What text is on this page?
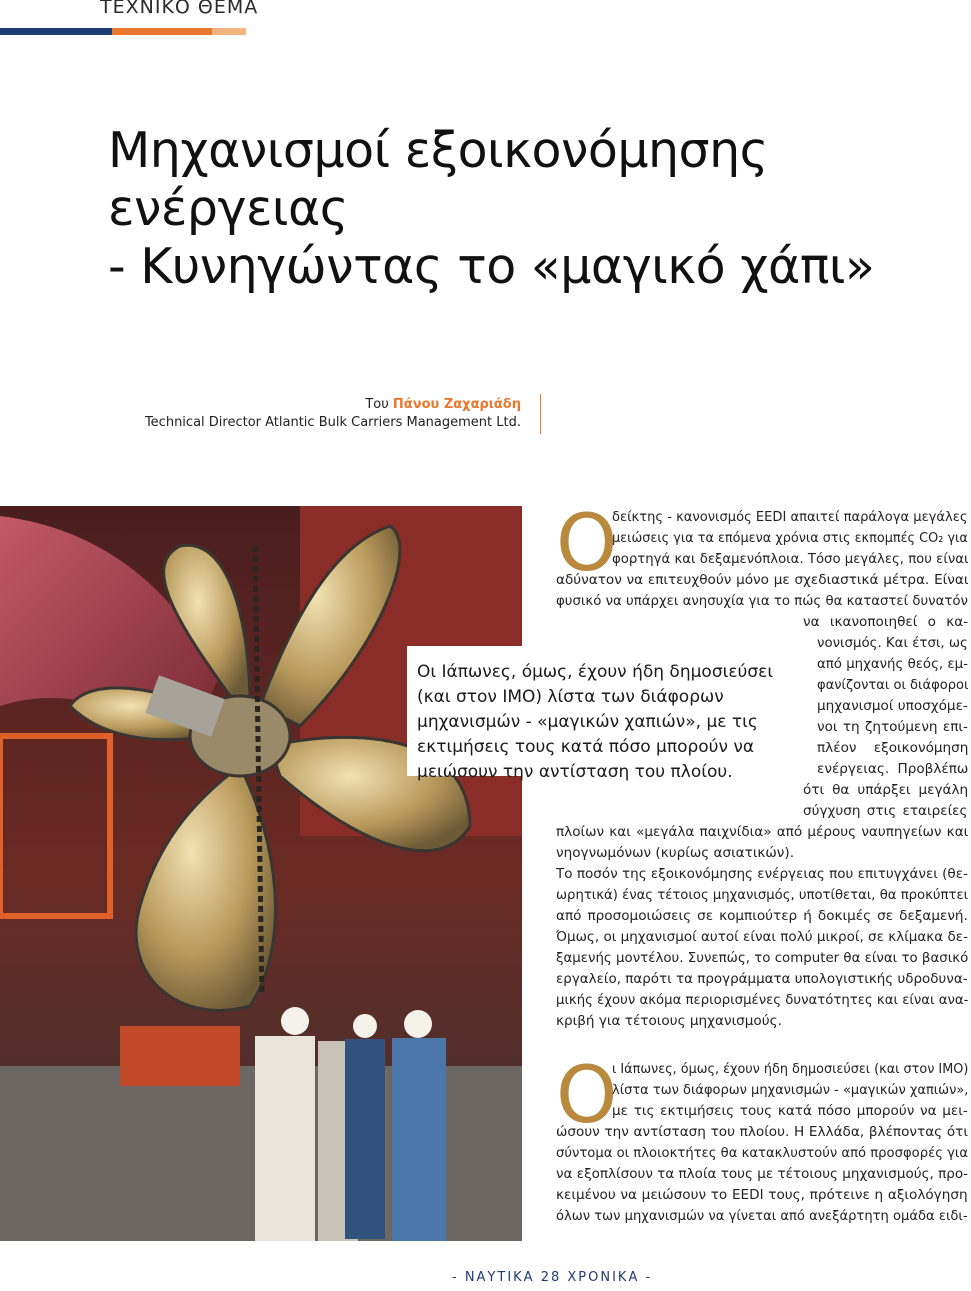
ΤΕΧΝΙΚΟ ΘΕΜΑ
Μηχανισμοί εξοικονόμησης ενέργειας
- Κυνηγώντας το «μαγικό χάπι»
Του Πάνου Ζαχαριάδη
Technical Director Atlantic Bulk Carriers Management Ltd.
Οι Ιάπωνες, όμως, έχουν ήδη δημοσιεύσει (και στον ΙΜΟ) λίστα των διάφορων μηχανισμών - «μαγικών χαπιών», με τις εκτιμήσεις τους κατά πόσο μπορούν να μειώσουν την αντίσταση του πλοίου.
Ο
δείκτης - κανονισμός EEDI απαιτεί παράλογα μεγάλες
μειώσεις για τα επόμενα χρόνια στις εκπομπές CO₂ για
φορτηγά και δεξαμενόπλοια. Τόσο μεγάλες, που είναι
αδύνατον να επιτευχθούν μόνο με σχεδιαστικά μέτρα. Είναι
φυσικό να υπάρχει ανησυχία για το πώς θα καταστεί δυνατόν
να ικανοποιηθεί ο κα-
νονισμός. Και έτσι, ως
από μηχανής θεός, εμ-
φανίζονται οι διάφοροι
μηχανισμοί υποσχόμε-
νοι τη ζητούμενη επι-
πλέον εξοικονόμηση
ενέργειας. Προβλέπω
ότι θα υπάρξει μεγάλη
σύγχυση στις εταιρείες
πλοίων και «μεγάλα παιχνίδια» από μέρους ναυπηγείων και
νηογνωμόνων (κυρίως ασιατικών).
Το ποσόν της εξοικονόμησης ενέργειας που επιτυγχάνει (θε-
ωρητικά) ένας τέτοιος μηχανισμός, υποτίθεται, θα προκύπτει
από προσομοιώσεις σε κομπιούτερ ή δοκιμές σε δεξαμενή.
Όμως, οι μηχανισμοί αυτοί είναι πολύ μικροί, σε κλίμακα δε-
ξαμενής μοντέλου. Συνεπώς, το computer θα είναι το βασικό
εργαλείο, παρότι τα προγράμματα υπολογιστικής υδροδυνα-
μικής έχουν ακόμα περιορισμένες δυνατότητες και είναι ανα-
κριβή για τέτοιους μηχανισμούς.
Ο
ι Ιάπωνες, όμως, έχουν ήδη δημοσιεύσει (και στον ΙΜΟ)
λίστα των διάφορων μηχανισμών - «μαγικών χαπιών»,
με τις εκτιμήσεις τους κατά πόσο μπορούν να μει-
ώσουν την αντίσταση του πλοίου. Η Ελλάδα, βλέποντας ότι
σύντομα οι πλοιοκτήτες θα κατακλυστούν από προσφορές για
να εξοπλίσουν τα πλοία τους με τέτοιους μηχανισμούς, προ-
κειμένου να μειώσουν το EEDI τους, πρότεινε η αξιολόγηση
όλων των μηχανισμών να γίνεται από ανεξάρτητη ομάδα ειδι-
- ΝΑΥΤΙΚΑ 28 ΧΡΟΝΙΚΑ -
